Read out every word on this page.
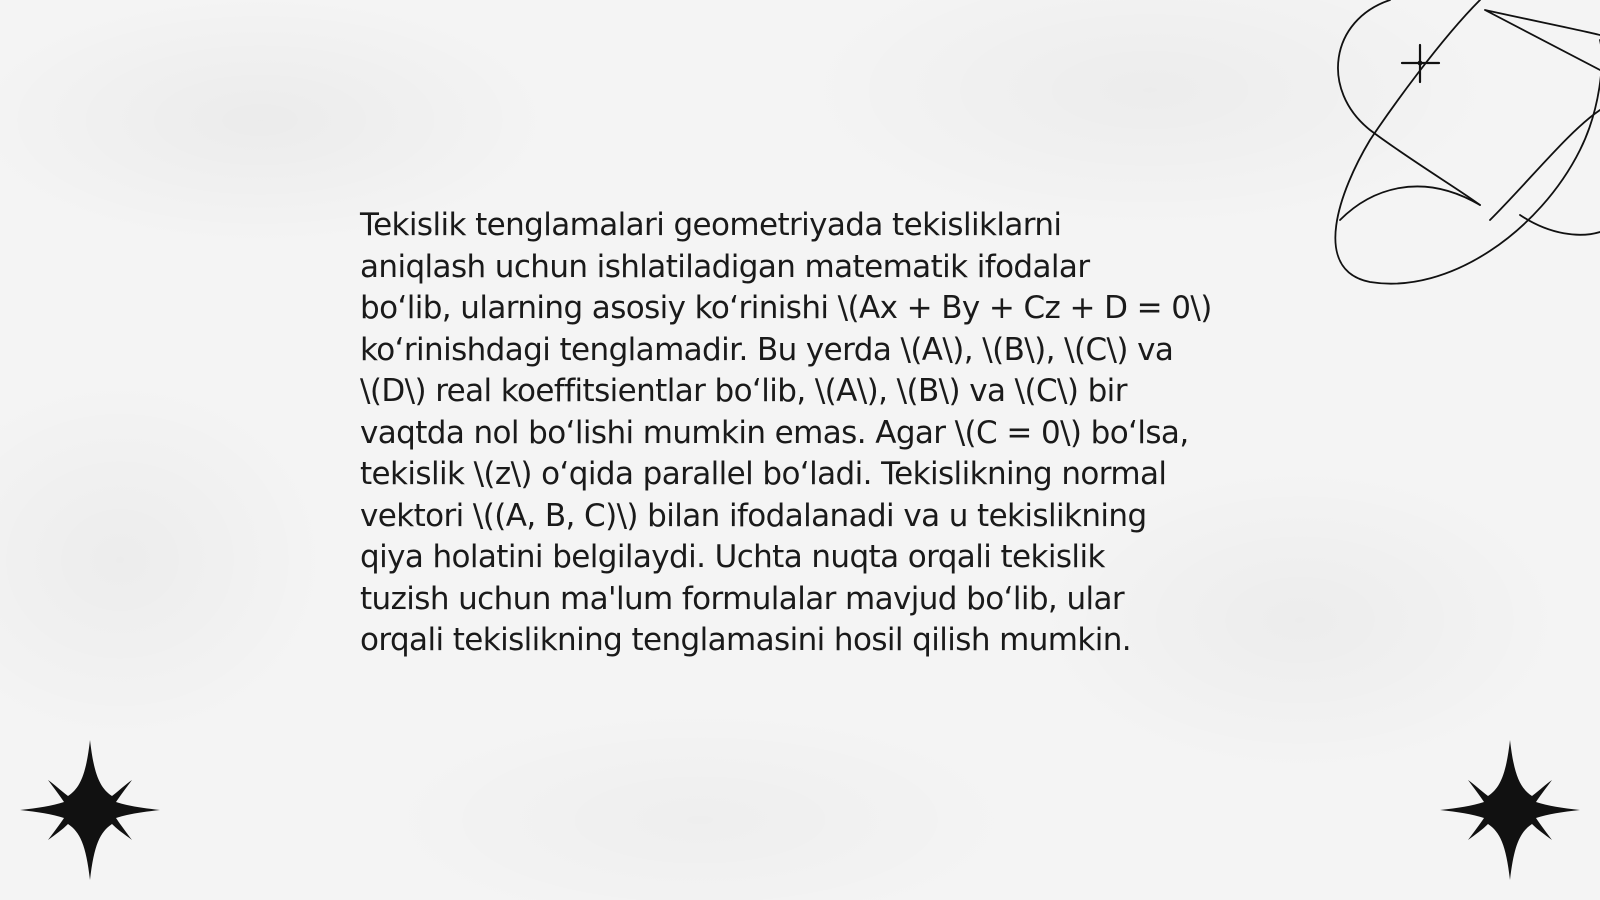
Tekislik tenglamalari geometriyada tekisliklarni
aniqlash uchun ishlatiladigan matematik ifodalar
bo‘lib, ularning asosiy ko‘rinishi \(Ax + By + Cz + D = 0\)
ko‘rinishdagi tenglamadir. Bu yerda \(A\), \(B\), \(C\) va
\(D\) real koeffitsientlar bo‘lib, \(A\), \(B\) va \(C\) bir
vaqtda nol bo‘lishi mumkin emas. Agar \(C = 0\) bo‘lsa,
tekislik \(z\) o‘qida parallel bo‘ladi. Tekislikning normal
vektori \((A, B, C)\) bilan ifodalanadi va u tekislikning
qiya holatini belgilaydi. Uchta nuqta orqali tekislik
tuzish uchun ma'lum formulalar mavjud bo‘lib, ular
orqali tekislikning tenglamasini hosil qilish mumkin.
